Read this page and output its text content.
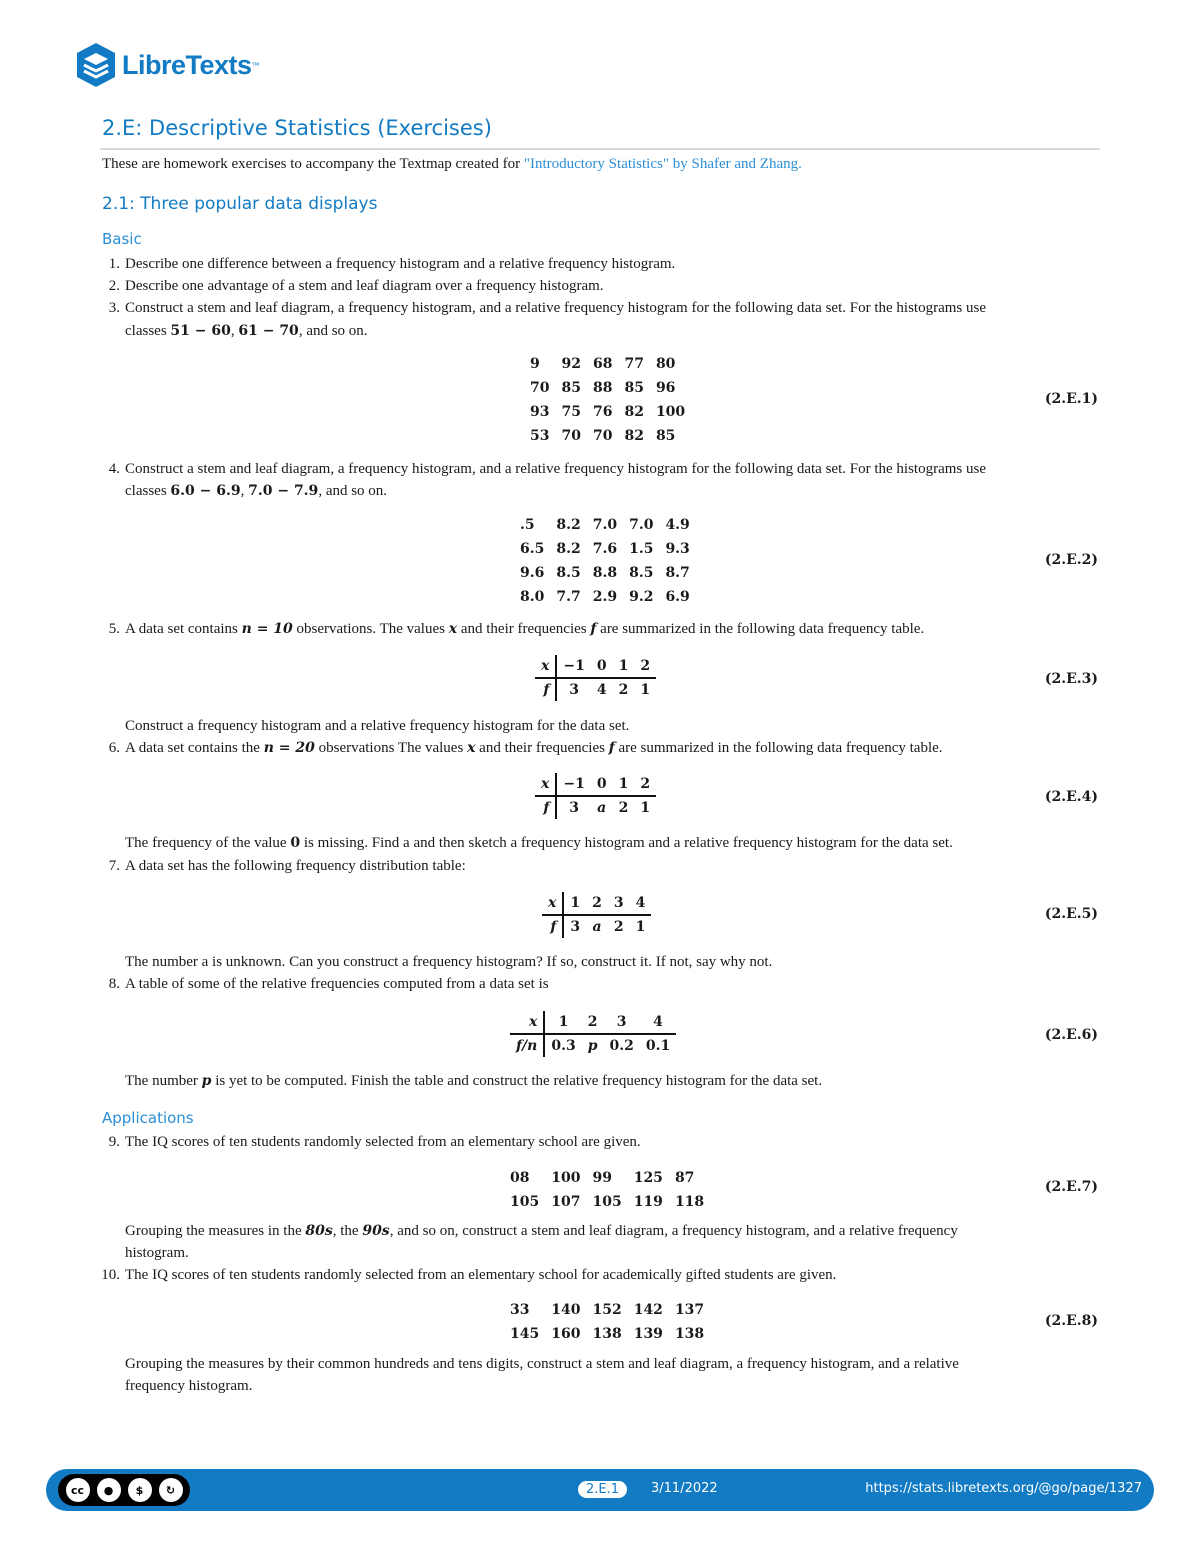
LibreTexts ™
2.E: Descriptive Statistics (Exercises)
These are homework exercises to accompany the Textmap created for "Introductory Statistics" by Shafer and Zhang.
2.1: Three popular data displays
Basic
1. Describe one difference between a frequency histogram and a relative frequency histogram.
2. Describe one advantage of a stem and leaf diagram over a frequency histogram.
3. Construct a stem and leaf diagram, a frequency histogram, and a relative frequency histogram for the following data set. For the histograms use
classes 51 − 60, 61 − 70, and so on.
9	92	68	77	80
70	85	88	85	96
93	75	76	82	100
53	70	70	82	85
(2.E.1)
4. Construct a stem and leaf diagram, a frequency histogram, and a relative frequency histogram for the following data set. For the histograms use
classes 6.0 − 6.9, 7.0 − 7.9, and so on.
.5	8.2	7.0	7.0	4.9
6.5	8.2	7.6	1.5	9.3
9.6	8.5	8.8	8.5	8.7
8.0	7.7	2.9	9.2	6.9
(2.E.2)
5. A data set contains n = 10 observations. The values x and their frequencies f are summarized in the following data frequency table.
x	−1	0	1	2
f	3	4	2	1
(2.E.3)
Construct a frequency histogram and a relative frequency histogram for the data set.
6. A data set contains the n = 20 observations The values x and their frequencies f are summarized in the following data frequency table.
x	−1	0	1	2
f	3	a	2	1
(2.E.4)
The frequency of the value 0 is missing. Find a and then sketch a frequency histogram and a relative frequency histogram for the data set.
7. A data set has the following frequency distribution table:
x	1	2	3	4
f	3	a	2	1
(2.E.5)
The number a is unknown. Can you construct a frequency histogram? If so, construct it. If not, say why not.
8. A table of some of the relative frequencies computed from a data set is
x	1	2	3	4
f/n	0.3	p	0.2	0.1
(2.E.6)
The number p is yet to be computed. Finish the table and construct the relative frequency histogram for the data set.
Applications
9. The IQ scores of ten students randomly selected from an elementary school are given.
08	100	99	125	87
105	107	105	119	118
(2.E.7)
Grouping the measures in the 80s, the 90s, and so on, construct a stem and leaf diagram, a frequency histogram, and a relative frequency
histogram.
10. The IQ scores of ten students randomly selected from an elementary school for academically gifted students are given.
33	140	152	142	137
145	160	138	139	138
(2.E.8)
Grouping the measures by their common hundreds and tens digits, construct a stem and leaf diagram, a frequency histogram, and a relative
frequency histogram.
cc	●	$	↻	2.E.1	3/11/2022	https://stats.libretexts.org/@go/page/1327
